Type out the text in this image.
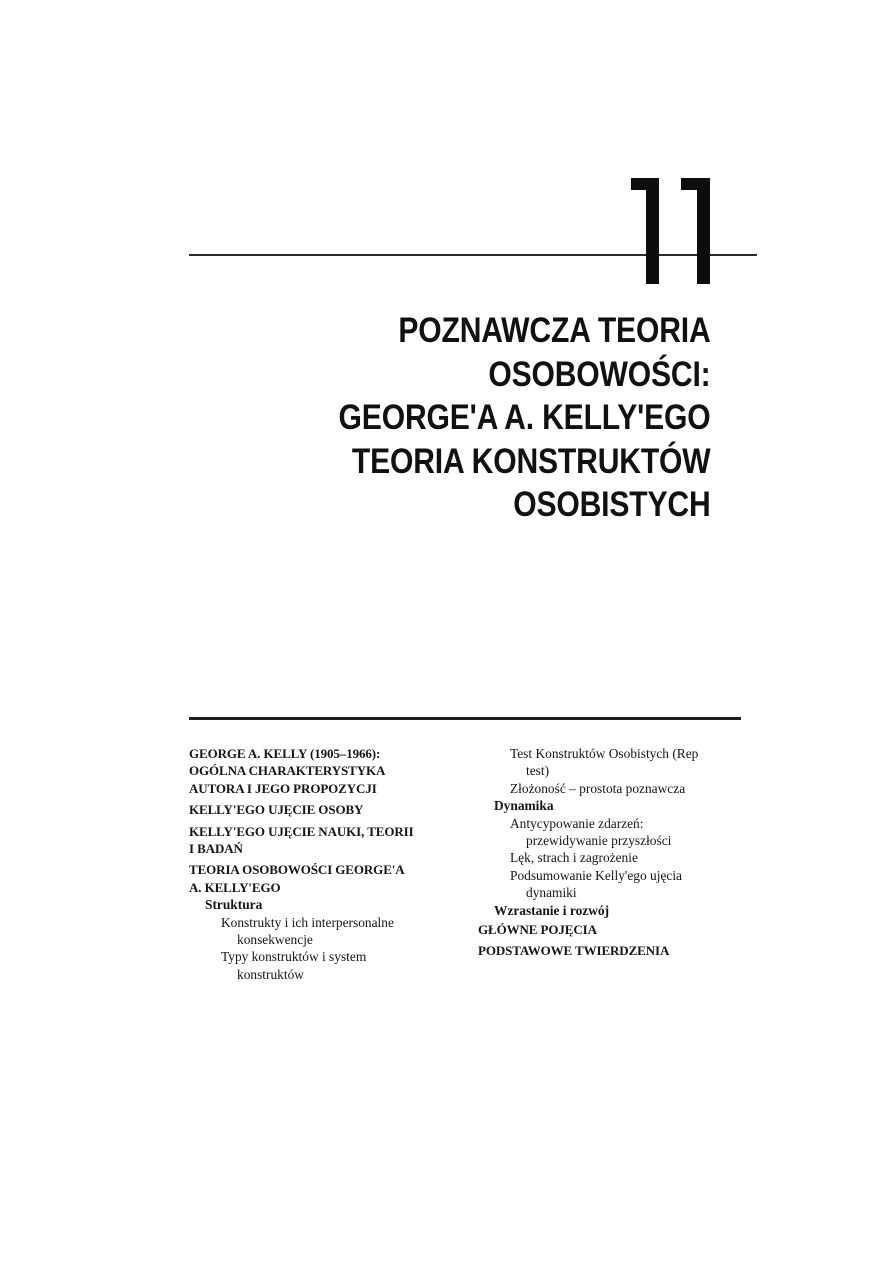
POZNAWCZA TEORIA
OSOBOWOŚCI:
GEORGE'A A. KELLY'EGO
TEORIA KONSTRUKTÓW
OSOBISTYCH
GEORGE A. KELLY (1905–1966):
OGÓLNA CHARAKTERYSTYKA
AUTORA I JEGO PROPOZYCJI
KELLY'EGO UJĘCIE OSOBY
KELLY'EGO UJĘCIE NAUKI, TEORII
I BADAŃ
TEORIA OSOBOWOŚCI GEORGE'A
A. KELLY'EGO
Struktura
Konstrukty i ich interpersonalne
konsekwencje
Typy konstruktów i system
konstruktów
Test Konstruktów Osobistych (Rep
test)
Złożoność – prostota poznawcza
Dynamika
Antycypowanie zdarzeń:
przewidywanie przyszłości
Lęk, strach i zagrożenie
Podsumowanie Kelly'ego ujęcia
dynamiki
Wzrastanie i rozwój
GŁÓWNE POJĘCIA
PODSTAWOWE TWIERDZENIA
